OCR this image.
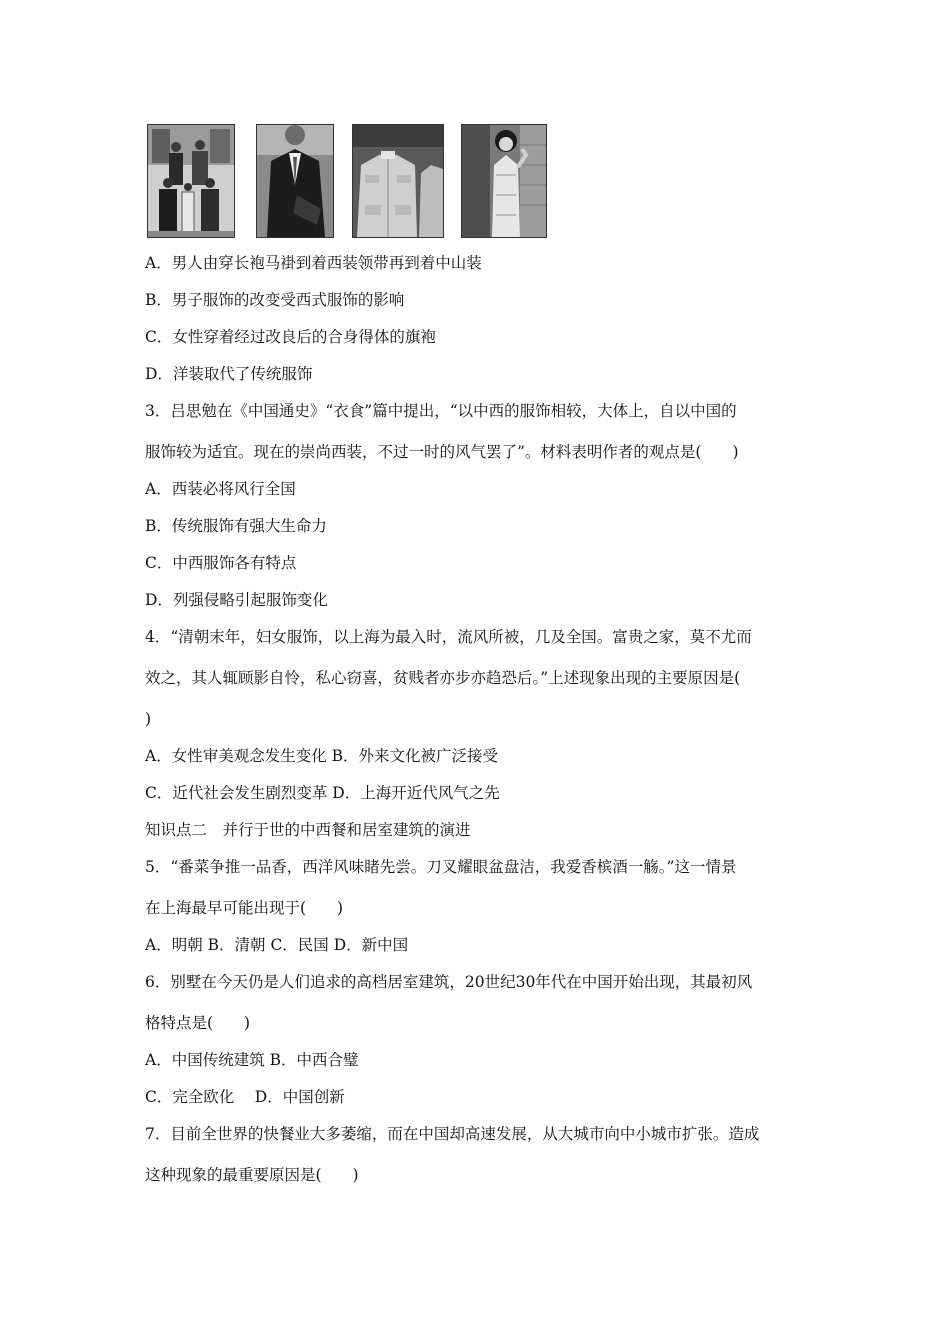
A．男人由穿长袍马褂到着西装领带再到着中山装
B．男子服饰的改变受西式服饰的影响
C．女性穿着经过改良后的合身得体的旗袍
D．洋装取代了传统服饰
3．吕思勉在《中国通史》“衣食”篇中提出，“以中西的服饰相较，大体上，自以中国的
服饰较为适宜。现在的崇尚西装，不过一时的风气罢了”。材料表明作者的观点是(　　)
A．西装必将风行全国
B．传统服饰有强大生命力
C．中西服饰各有特点
D．列强侵略引起服饰变化
4．“清朝末年，妇女服饰，以上海为最入时，流风所被，几及全国。富贵之家，莫不尤而
效之，其人辄顾影自怜，私心窃喜，贫贱者亦步亦趋恐后。”上述现象出现的主要原因是(
)
A．女性审美观念发生变化 B．外来文化被广泛接受
C．近代社会发生剧烈变革 D．上海开近代风气之先
知识点二　并行于世的中西餐和居室建筑的演进
5．“番菜争推一品香，西洋风味睹先尝。刀叉耀眼盆盘洁，我爱香槟酒一觞。”这一情景
在上海最早可能出现于(　　)
A．明朝 B．清朝 C．民国 D．新中国
6．别墅在今天仍是人们追求的高档居室建筑，20世纪30年代在中国开始出现，其最初风
格特点是(　　)
A．中国传统建筑 B．中西合璧
C．完全欧化　 D．中国创新
7．目前全世界的快餐业大多萎缩，而在中国却高速发展，从大城市向中小城市扩张。造成
这种现象的最重要原因是(　　)
